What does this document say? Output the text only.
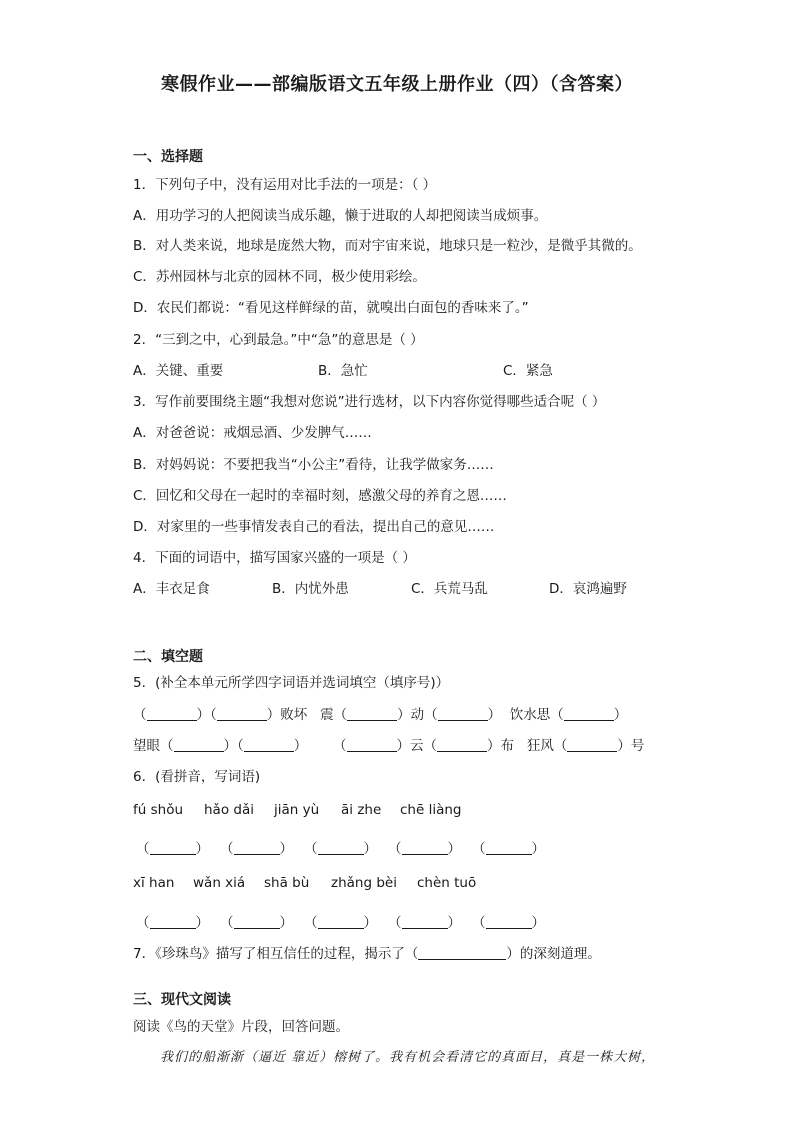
寒假作业——部编版语文五年级上册作业（四）（含答案）
一、选择题
1．下列句子中，没有运用对比手法的一项是：（ ）
A．用功学习的人把阅读当成乐趣，懒于进取的人却把阅读当成烦事。
B．对人类来说，地球是庞然大物，而对宇宙来说，地球只是一粒沙，是微乎其微的。
C．苏州园林与北京的园林不同，极少使用彩绘。
D．农民们都说：“看见这样鲜绿的苗，就嗅出白面包的香味来了。”
2．“三到之中，心到最急。”中“急”的意思是（ ）
A．关键、重要	B．急忙	C．紧急
3．写作前要围绕主题“我想对您说”进行选材，以下内容你觉得哪些适合呢（ ）
A．对爸爸说：戒烟忌酒、少发脾气……
B．对妈妈说：不要把我当“小公主”看待，让我学做家务……
C．回忆和父母在一起时的幸福时刻，感激父母的养育之恩……
D．对家里的一些事情发表自己的看法，提出自己的意见……
4．下面的词语中，描写国家兴盛的一项是（ ）
A．丰衣足食	B．内忧外患	C．兵荒马乱	D．哀鸿遍野
二、填空题
5．(补全本单元所学四字词语并选词填空（填序号)）
（	）（	）败坏 震（	）动（	）  饮水思（	）
望眼（	）（	）      （	）云（	）布 狂风（	）号
6．(看拼音，写词语)
fú shǒu hǎo dǎi jiān yù āi zhe chē liàng
（	） （	） （	） （	） （	）
xī han wǎn xiá shā bù zhǎng bèi chèn tuō
（	） （	） （	） （	） （	）
7．《珍珠鸟》描写了相互信任的过程，揭示了（	）的深刻道理。
三、现代文阅读
阅读《鸟的天堂》片段，回答问题。
我们的船渐渐（逼近 靠近）榕树了。我有机会看清它的真面目，真是一株大树，
